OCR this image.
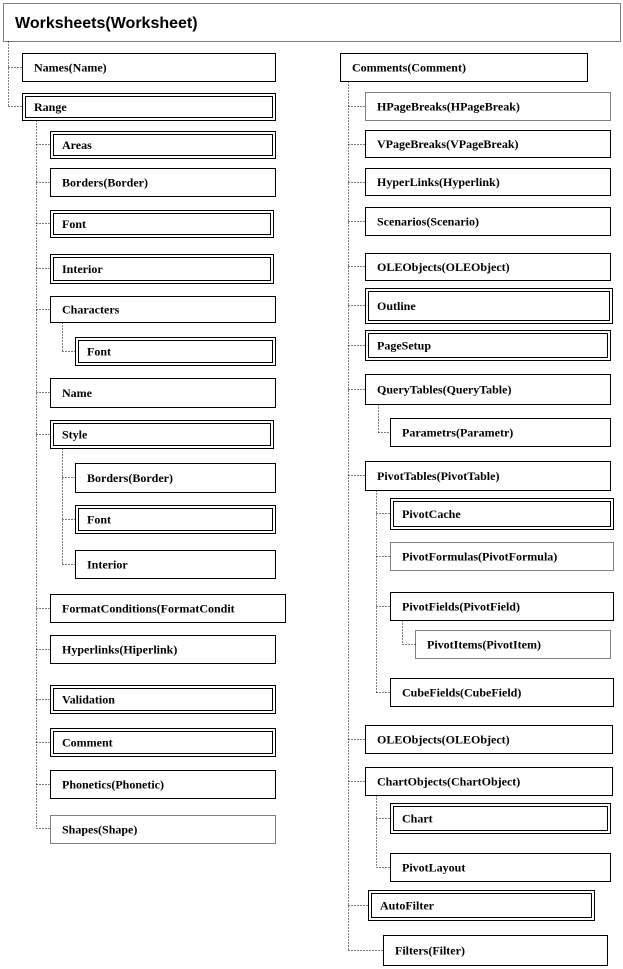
Worksheets(Worksheet)
Names(Name)
Range
Areas
Borders(Border)
Font
Interior
Characters
Font
Name
Style
Borders(Border)
Font
Interior
FormatConditions(FormatCondit
Hyperlinks(Hiperlink)
Validation
Comment
Phonetics(Phonetic)
Shapes(Shape)
Comments(Comment)
HPageBreaks(HPageBreak)
VPageBreaks(VPageBreak)
HyperLinks(Hyperlink)
Scenarios(Scenario)
OLEObjects(OLEObject)
Outline
PageSetup
QueryTables(QueryTable)
Parametrs(Parametr)
PivotTables(PivotTable)
PivotCache
PivotFormulas(PivotFormula)
PivotFields(PivotField)
PivotItems(PivotItem)
CubeFields(CubeField)
OLEObjects(OLEObject)
ChartObjects(ChartObject)
Chart
PivotLayout
AutoFilter
Filters(Filter)
